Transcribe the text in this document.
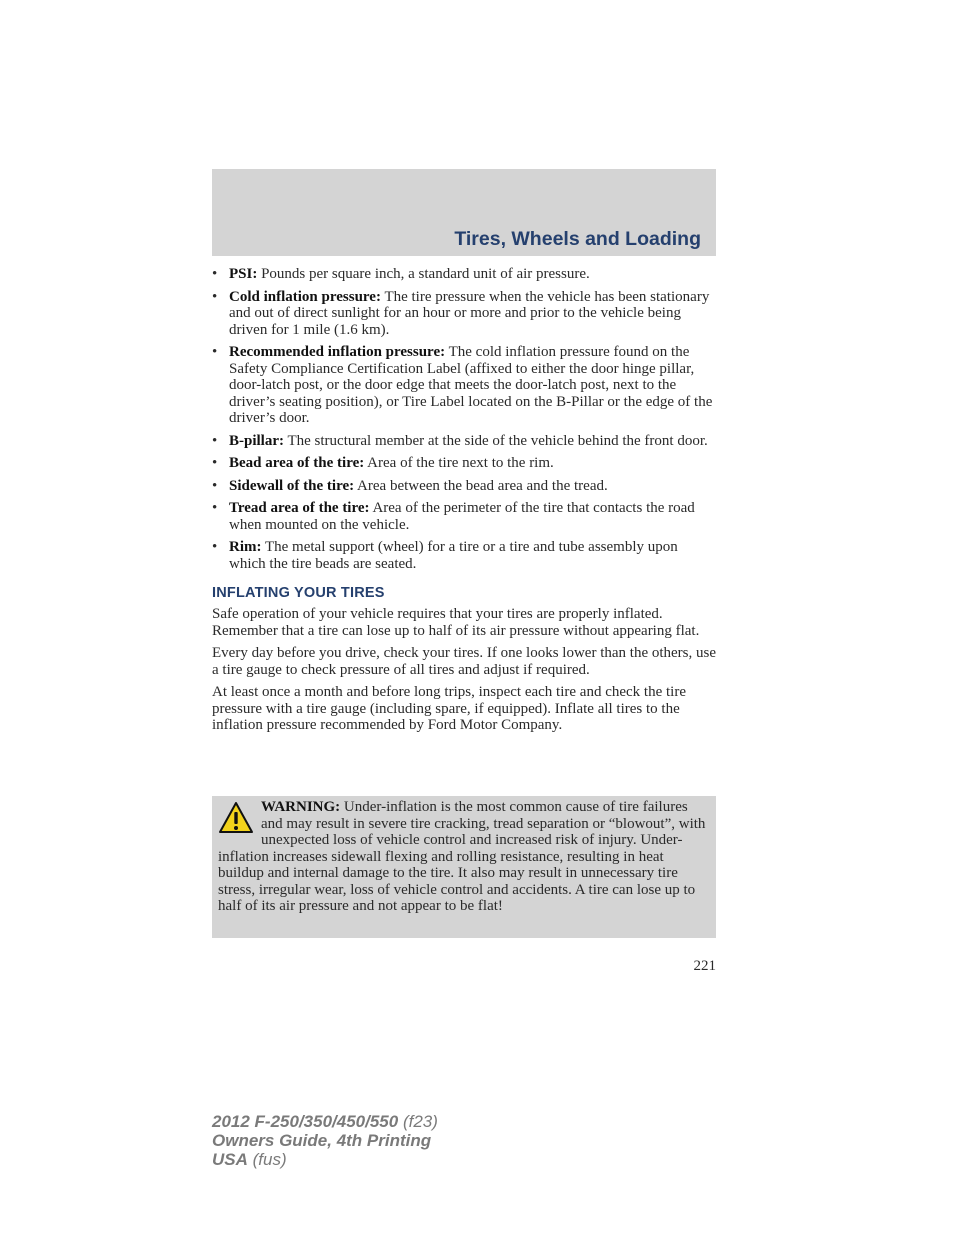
Tires, Wheels and Loading
• PSI: Pounds per square inch, a standard unit of air pressure.
• Cold inflation pressure: The tire pressure when the vehicle has been stationary and out of direct sunlight for an hour or more and prior to the vehicle being driven for 1 mile (1.6 km).
• Recommended inflation pressure: The cold inflation pressure found on the Safety Compliance Certification Label (affixed to either the door hinge pillar, door-latch post, or the door edge that meets the door-latch post, next to the driver’s seating position), or Tire Label located on the B-Pillar or the edge of the driver’s door.
• B-pillar: The structural member at the side of the vehicle behind the front door.
• Bead area of the tire: Area of the tire next to the rim.
• Sidewall of the tire: Area between the bead area and the tread.
• Tread area of the tire: Area of the perimeter of the tire that contacts the road when mounted on the vehicle.
• Rim: The metal support (wheel) for a tire or a tire and tube assembly upon which the tire beads are seated.
INFLATING YOUR TIRES

Safe operation of your vehicle requires that your tires are properly inflated. Remember that a tire can lose up to half of its air pressure without appearing flat.

Every day before you drive, check your tires. If one looks lower than the others, use a tire gauge to check pressure of all tires and adjust if required.

At least once a month and before long trips, inspect each tire and check the tire pressure with a tire gauge (including spare, if equipped). Inflate all tires to the inflation pressure recommended by Ford Motor Company.

WARNING: Under-inflation is the most common cause of tire failures and may result in severe tire cracking, tread separation or “blowout”, with unexpected loss of vehicle control and increased risk of injury. Under-inflation increases sidewall flexing and rolling resistance, resulting in heat buildup and internal damage to the tire. It also may result in unnecessary tire stress, irregular wear, loss of vehicle control and accidents. A tire can lose up to half of its air pressure and not appear to be flat!
221
2012 F-250/350/450/550 (f23)
Owners Guide, 4th Printing
USA (fus)
